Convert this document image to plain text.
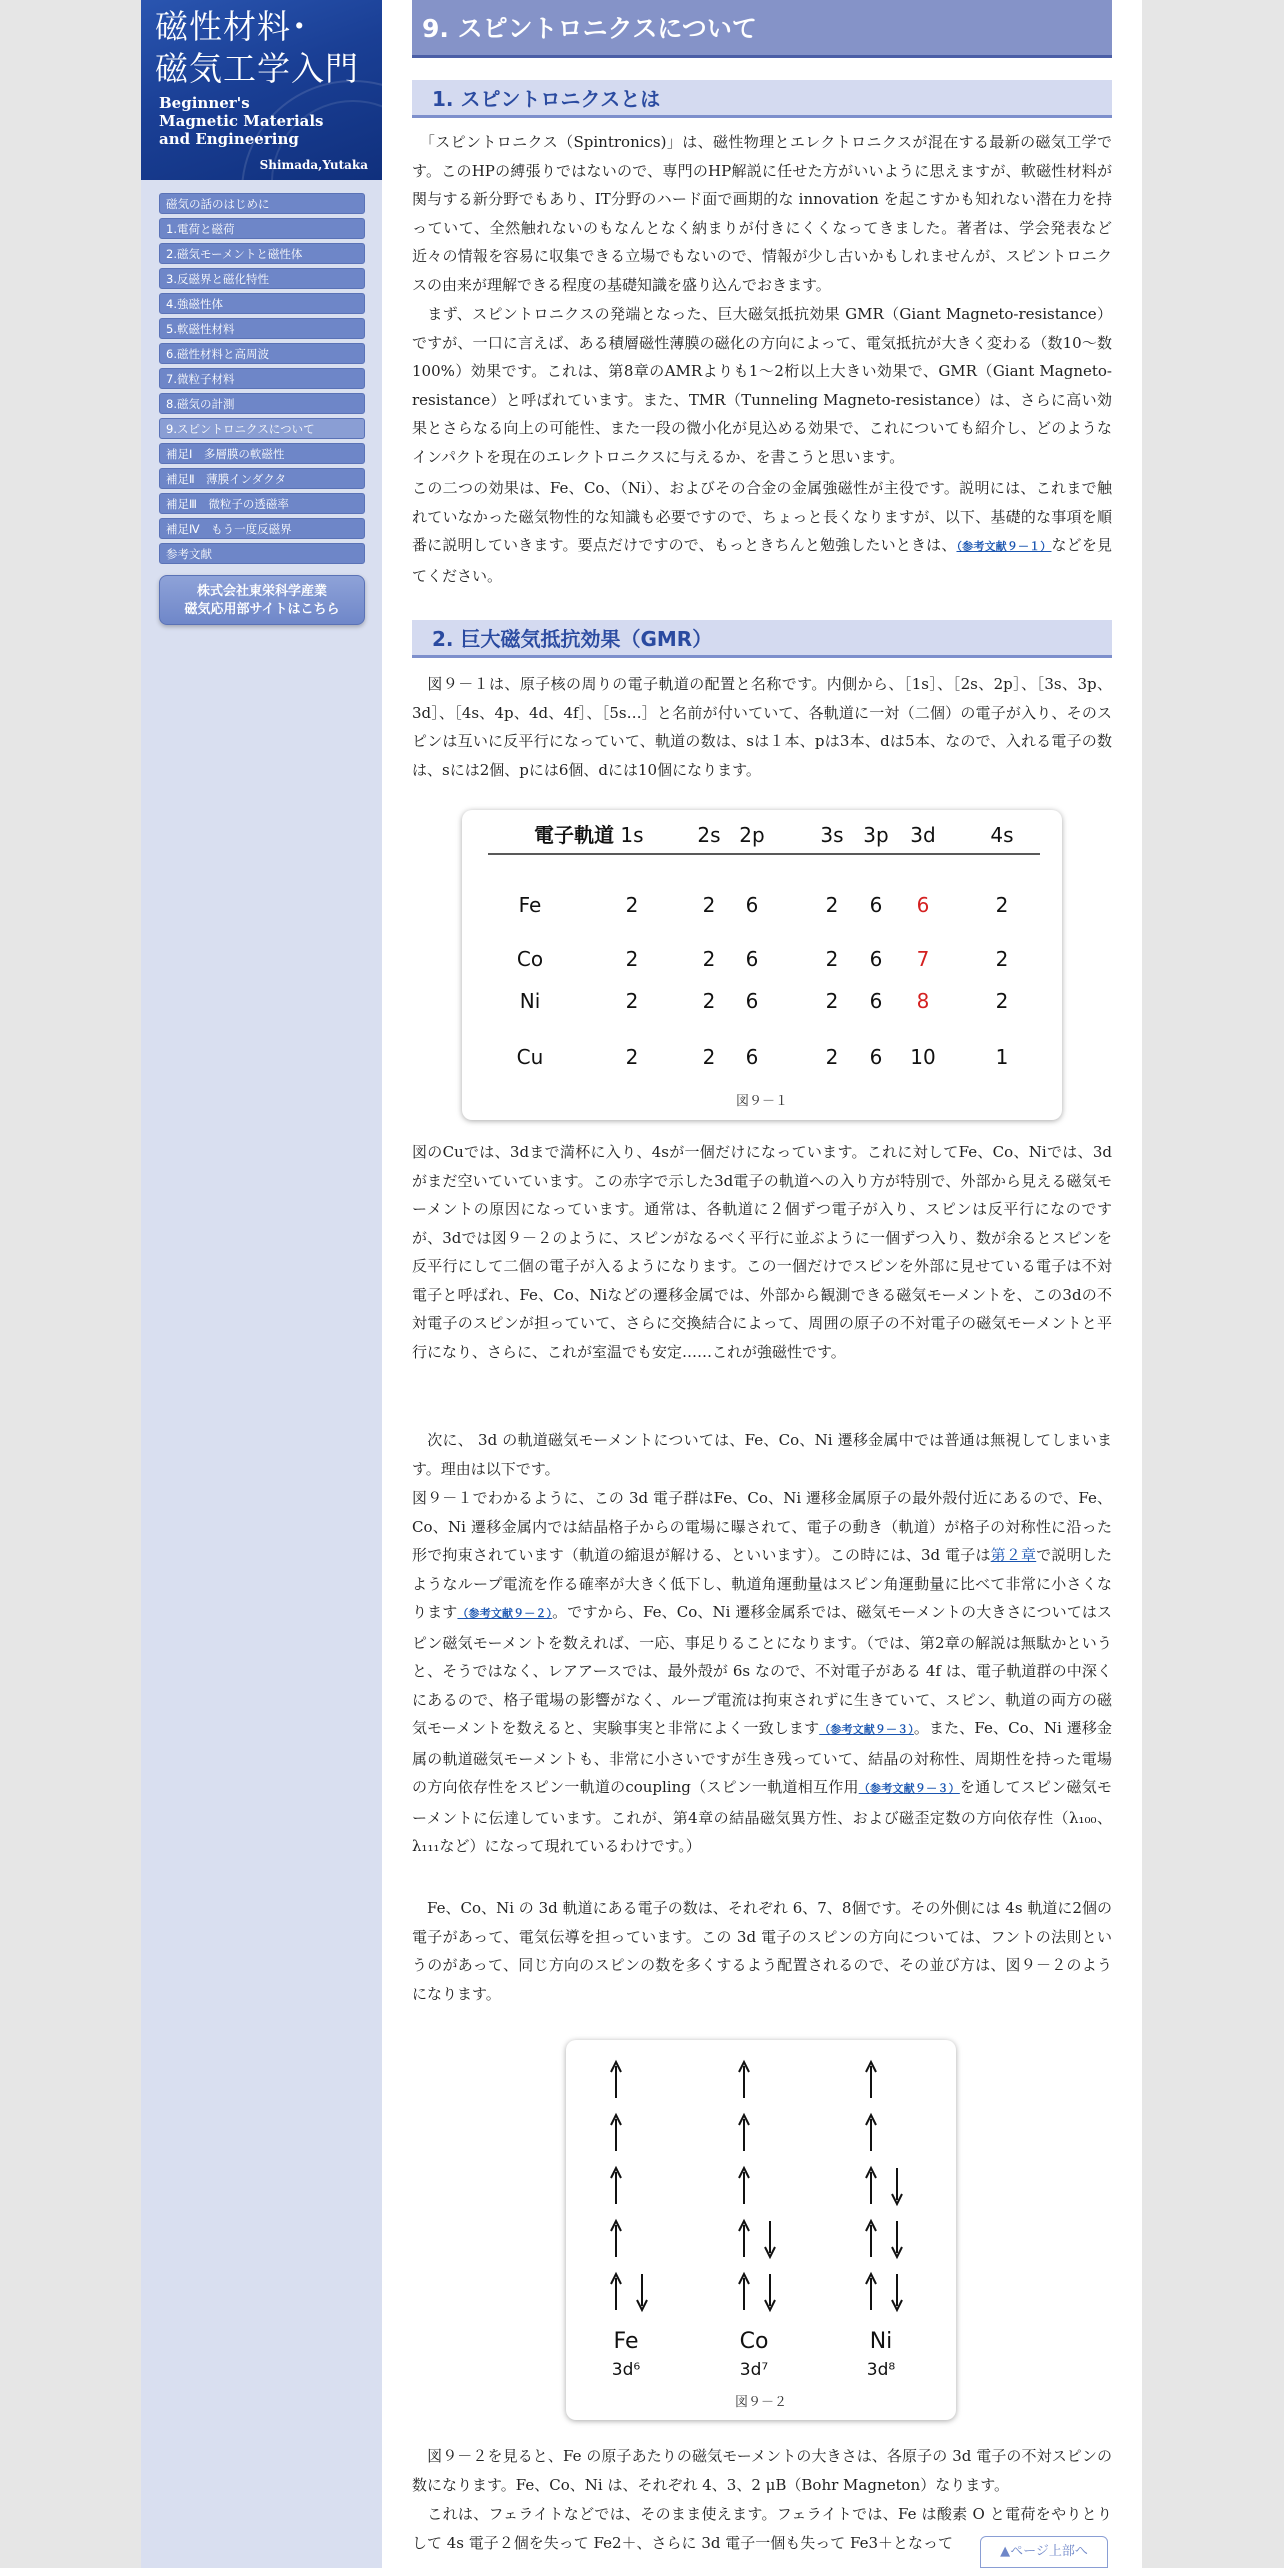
磁性材料･
磁気工学入門
Beginner's
Magnetic Materials
and Engineering
Shimada,Yutaka
磁気の話のはじめに
1.電荷と磁荷
2.磁気モーメントと磁性体
3.反磁界と磁化特性
4.強磁性体
5.軟磁性材料
6.磁性材料と高周波
7.微粒子材料
8.磁気の計測
9.スピントロニクスについて
補足Ⅰ　多層膜の軟磁性
補足Ⅱ　薄膜インダクタ
補足Ⅲ　微粒子の透磁率
補足Ⅳ　もう一度反磁界
参考文献
株式会社東栄科学産業
磁気応用部サイトはこちら
9. スピントロニクスについて
1. スピントロニクスとは

　「スピントロニクス（Spintronics)」は、磁性物理とエレクトロニクスが混在する最新の磁気工学です。このHPの縛張りではないので、専門のHP解説に任せた方がいいように思えますが、軟磁性材料が関与する新分野でもあり、IT分野のハード面で画期的な innovation を起こすかも知れない潜在力を持っていて、全然触れないのもなんとなく納まりが付きにくくなってきました。著者は、学会発表など近々の情報を容易に収集できる立場でもないので、情報が少し古いかもしれませんが、スピントロニクスの由来が理解できる程度の基礎知識を盛り込んでおきます。

　まず、スピントロニクスの発端となった、巨大磁気抵抗効果 GMR（Giant Magneto-resistance）ですが、一口に言えば、ある積層磁性薄膜の磁化の方向によって、電気抵抗が大きく変わる（数10～数100%）効果です。これは、第8章のAMRよりも1～2桁以上大きい効果で、GMR（Giant Magneto-resistance）と呼ばれています。また、TMR（Tunneling Magneto-resistance）は、さらに高い効果とさらなる向上の可能性、また一段の微小化が見込める効果で、これについても紹介し、どのようなインパクトを現在のエレクトロニクスに与えるか、を書こうと思います。

この二つの効果は、Fe、Co、（Ni）、およびその合金の金属強磁性が主役です。説明には、これまで触れていなかった磁気物性的な知識も必要ですので、ちょっと長くなりますが、以下、基礎的な事項を順番に説明していきます。要点だけですので、もっときちんと勉強したいときは、（参考文献９－１）などを見てください。

2. 巨大磁気抵抗効果（GMR）

　図９－１は、原子核の周りの電子軌道の配置と名称です。内側から、［1s］、［2s、2p］、［3s、3p、3d］、［4s、4p、4d、4f］、［5s…］と名前が付いていて、各軌道に一対（二個）の電子が入り、そのスピンは互いに反平行になっていて、軌道の数は、sは１本、pは3本、dは5本、なので、入れる電子の数は、sには2個、pには6個、dには10個になります。

電子軌道 1s	2s 2p	3s 3p 3d	4s
Fe	2	2 6	2 6 6	2
Co	2	2 6	2 6 7	2
Ni	2	2 6	2 6 8	2
Cu	2	2 6	2 6 10	1
図９－１

図のCuでは、3dまで満杯に入り、4sが一個だけになっています。これに対してFe、Co、Niでは、3dがまだ空いていています。この赤字で示した3d電子の軌道への入り方が特別で、外部から見える磁気モーメントの原因になっています。通常は、各軌道に２個ずつ電子が入り、スピンは反平行になのですが、3dでは図９－２のように、スピンがなるべく平行に並ぶように一個ずつ入り、数が余るとスピンを反平行にして二個の電子が入るようになります。この一個だけでスピンを外部に見せている電子は不対電子と呼ばれ、Fe、Co、Niなどの遷移金属では、外部から観測できる磁気モーメントを、この3dの不対電子のスピンが担っていて、さらに交換結合によって、周囲の原子の不対電子の磁気モーメントと平行になり、さらに、これが室温でも安定……これが強磁性です。

　次に、 3d の軌道磁気モーメントについては、Fe、Co、Ni 遷移金属中では普通は無視してしまいます。理由は以下です。

図９－１でわかるように、この 3d 電子群はFe、Co、Ni 遷移金属原子の最外殻付近にあるので、Fe、Co、Ni 遷移金属内では結晶格子からの電場に曝されて、電子の動き（軌道）が格子の対称性に沿った形で拘束されています（軌道の縮退が解ける、といいます）。この時には、3d 電子は第２章で説明したようなループ電流を作る確率が大きく低下し、軌道角運動量はスピン角運動量に比べて非常に小さくなります（参考文献９－２）。ですから、Fe、Co、Ni 遷移金属系では、磁気モーメントの大きさについてはスピン磁気モーメントを数えれば、一応、事足りることになります。（では、第2章の解説は無駄かというと、そうではなく、レアアースでは、最外殻が 6s なので、不対電子がある 4f は、電子軌道群の中深くにあるので、格子電場の影響がなく、ループ電流は拘束されずに生きていて、スピン、軌道の両方の磁気モーメントを数えると、実験事実と非常によく一致します（参考文献９－３）。また、Fe、Co、Ni 遷移金属の軌道磁気モーメントも、非常に小さいですが生き残っていて、結晶の対称性、周期性を持った電場の方向依存性をスピン一軌道のcoupling（スピン一軌道相互作用（参考文献９－３）を通してスピン磁気モーメントに伝達しています。これが、第4章の結晶磁気異方性、および磁歪定数の方向依存性（λ₁₀₀、λ₁₁₁など）になって現れているわけです。）

　Fe、Co、Ni の 3d 軌道にある電子の数は、それぞれ 6、7、8個です。その外側には 4s 軌道に2個の電子があって、電気伝導を担っています。この 3d 電子のスピンの方向については、フントの法則というのがあって、同じ方向のスピンの数を多くするよう配置されるので、その並び方は、図９－２のようになります。

Fe
3d⁶
Co
3d⁷
Ni
3d⁸
図９－２

　図９－２を見ると、Fe の原子あたりの磁気モーメントの大きさは、各原子の 3d 電子の不対スピンの数になります。Fe、Co、Ni は、それぞれ 4、3、2 μB（Bohr Magneton）なります。

　これは、フェライトなどでは、そのまま使えます。フェライトでは、Fe は酸素 O と電荷をやりとりして 4s 電子２個を失って Fe2＋、さらに 3d 電子一個も失って Fe3＋となって	▲ページ上部へ
